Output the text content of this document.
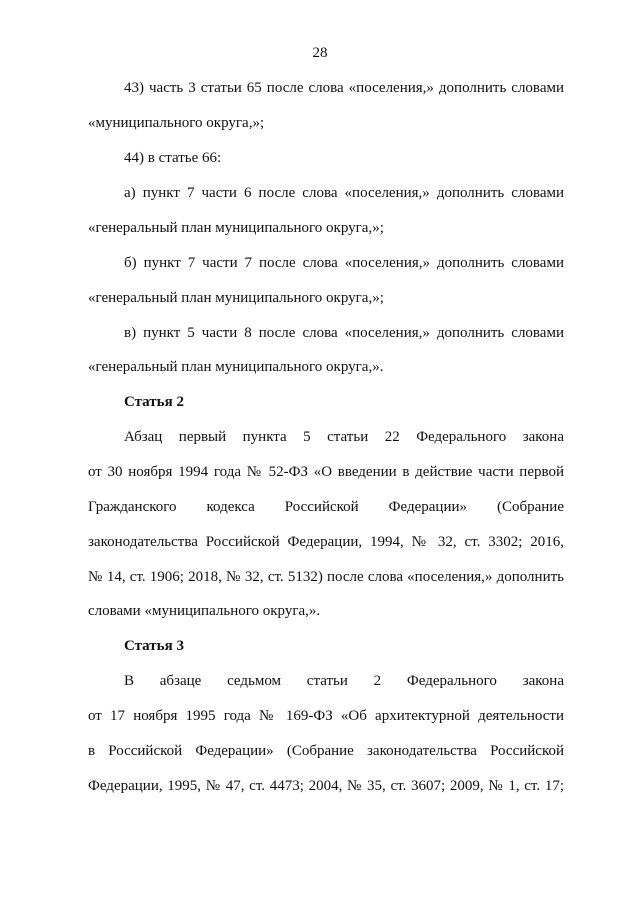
28
43) часть 3 статьи 65 после слова «поселения,» дополнить словами
«муниципального округа,»;
44) в статье 66:
а) пункт 7 части 6 после слова «поселения,» дополнить словами
«генеральный план муниципального округа,»;
б) пункт 7 части 7 после слова «поселения,» дополнить словами
«генеральный план муниципального округа,»;
в) пункт 5 части 8 после слова «поселения,» дополнить словами
«генеральный план муниципального округа,».
Статья 2
Абзац первый пункта 5 статьи 22 Федерального закона
от 30 ноября 1994 года № 52-ФЗ «О введении в действие части первой
Гражданского кодекса Российской Федерации» (Собрание
законодательства Российской Федерации, 1994, № 32, ст. 3302; 2016,
№ 14, ст. 1906; 2018, № 32, ст. 5132) после слова «поселения,» дополнить
словами «муниципального округа,».
Статья 3
В абзаце седьмом статьи 2 Федерального закона
от 17 ноября 1995 года № 169-ФЗ «Об архитектурной деятельности
в Российской Федерации» (Собрание законодательства Российской
Федерации, 1995, № 47, ст. 4473; 2004, № 35, ст. 3607; 2009, № 1, ст. 17;
